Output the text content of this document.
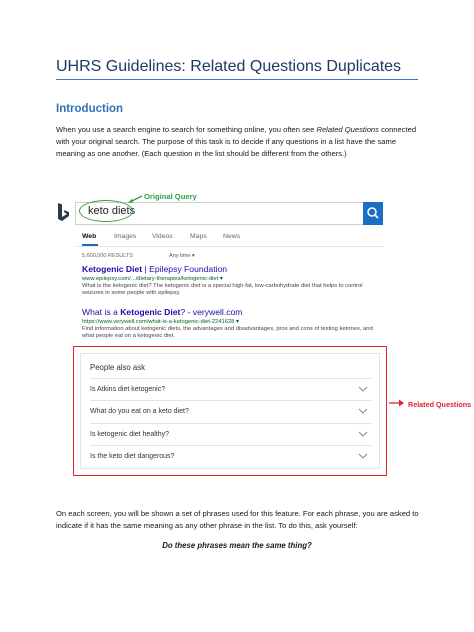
UHRS Guidelines: Related Questions Duplicates
Introduction

When you use a search engine to search for something online, you often see Related Questions connected with your original search. The purpose of this task is to decide if any questions in a list have the same meaning as one another. (Each question in the list should be different from the others.)

keto diets
Original Query
Web	Images Videos	Maps News
5,600,000 RESULTS	Any time ▾
Ketogenic Diet | Epilepsy Foundation
www.epilepsy.com/.../dietary-therapies/ketogenic-diet ▾
What is the ketogenic diet? The ketogenic diet is a special high-fat, low-carbohydrate diet that helps to control seizures in some people with epilepsy.
What is a Ketogenic Diet? - verywell.com
https://www.verywell.com/what-is-a-ketogenic-diet-2241628 ▾
Find information about ketogenic diets, the advantages and disadvantages, pros and cons of testing ketones, and what people eat on a ketogenic diet.
People also ask
Is Atkins diet ketogenic?
What do you eat on a keto diet?
Is ketogenic diet healthy?
Is the keto diet dangerous?
Related Questions

On each screen, you will be shown a set of phrases used for this feature. For each phrase, you are asked to indicate if it has the same meaning as any other phrase in the list. To do this, ask yourself:

Do these phrases mean the same thing?
